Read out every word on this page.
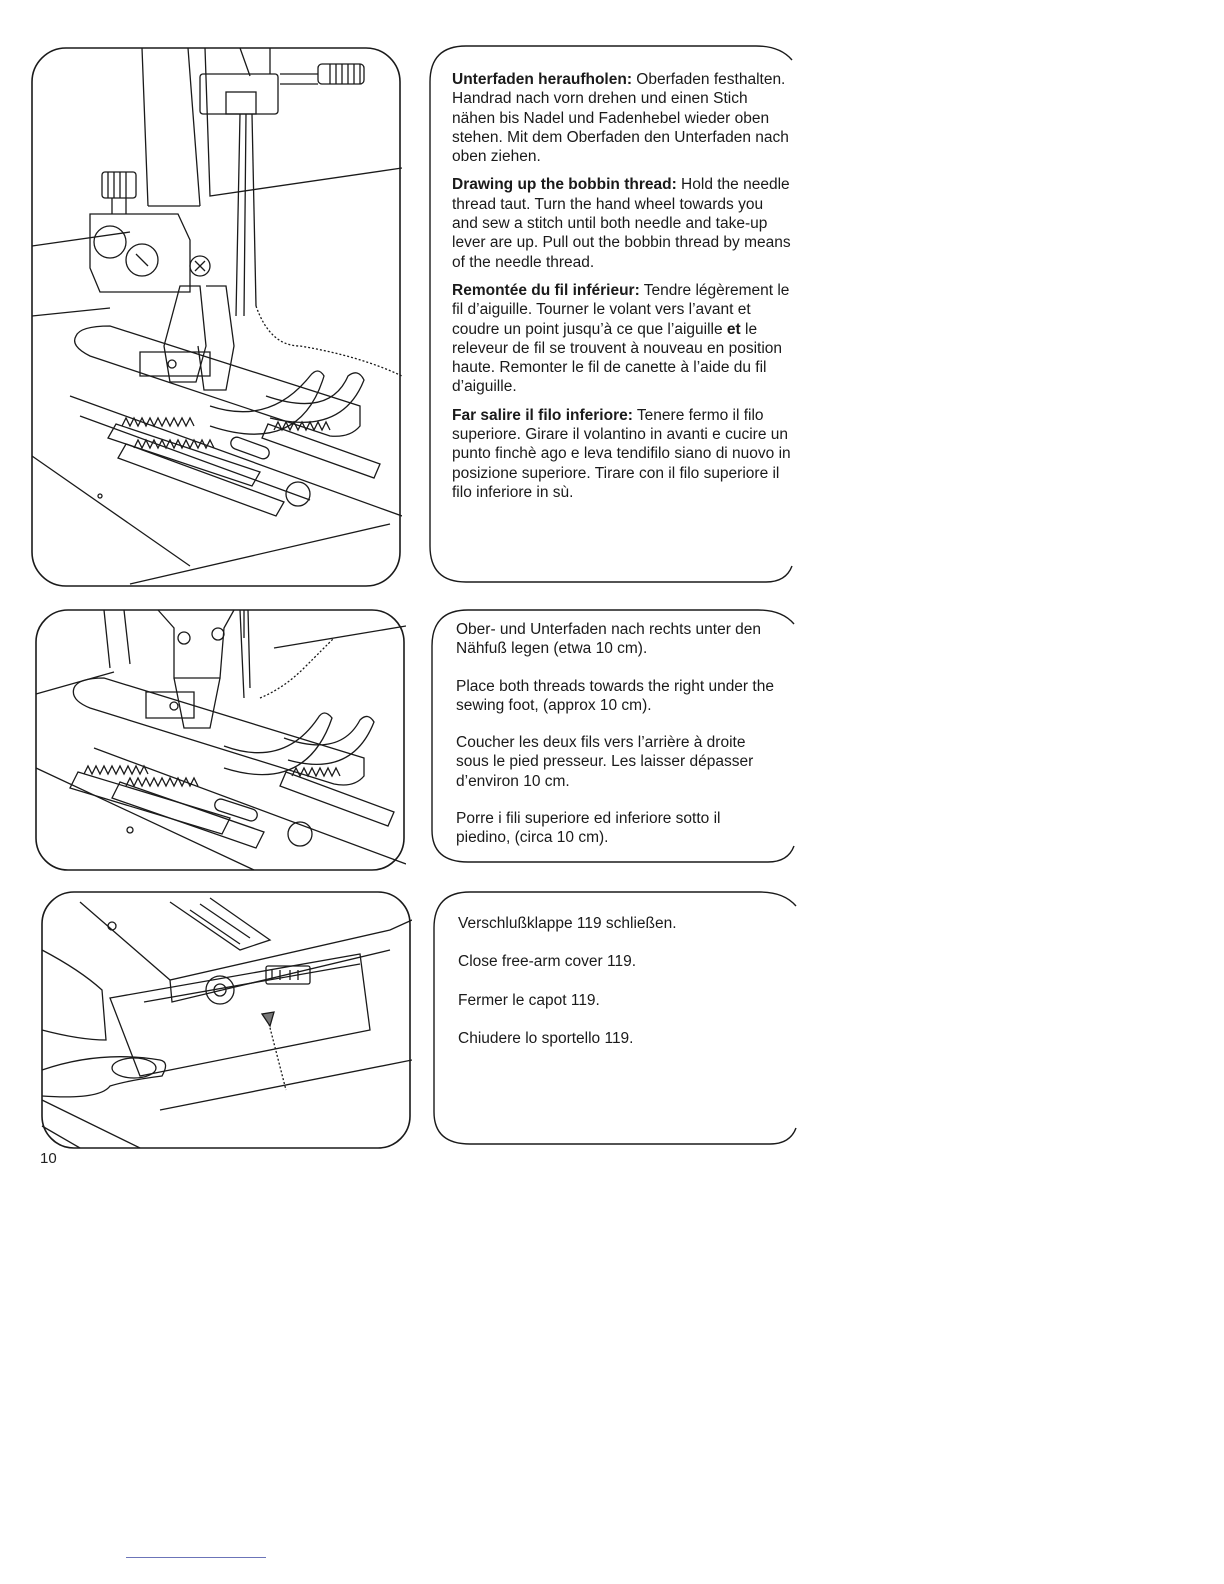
Unterfaden heraufholen: Oberfaden festhalten. Handrad nach vorn drehen und einen Stich nähen bis Nadel und Fadenhebel wieder oben stehen. Mit dem Oberfaden den Unterfaden nach oben ziehen.

Drawing up the bobbin thread: Hold the needle thread taut. Turn the hand wheel towards you and sew a stitch until both needle and take-up lever are up. Pull out the bobbin thread by means of the needle thread.

Remontée du fil inférieur: Tendre légèrement le fil d’aiguille. Tourner le volant vers l’avant et coudre un point jusqu’à ce que l’aiguille et le releveur de fil se trouvent à nouveau en position haute. Remonter le fil de canette à l’aide du fil d’aiguille.

Far salire il filo inferiore: Tenere fermo il filo superiore. Girare il volantino in avanti e cucire un punto finchè ago e leva tendifilo siano di nuovo in posizione superiore. Tirare con il filo superiore il filo inferiore in sù.

Ober- und Unterfaden nach rechts unter den Nähfuß legen (etwa 10 cm).

Place both threads towards the right under the sewing foot, (approx 10 cm).

Coucher les deux fils vers l’arrière à droite sous le pied presseur. Les laisser dépasser d’environ 10 cm.

Porre i fili superiore ed inferiore sotto il piedino, (circa 10 cm).

Verschlußklappe 119 schließen.

Close free-arm cover 119.

Fermer le capot 119.

Chiudere lo sportello 119.

10
